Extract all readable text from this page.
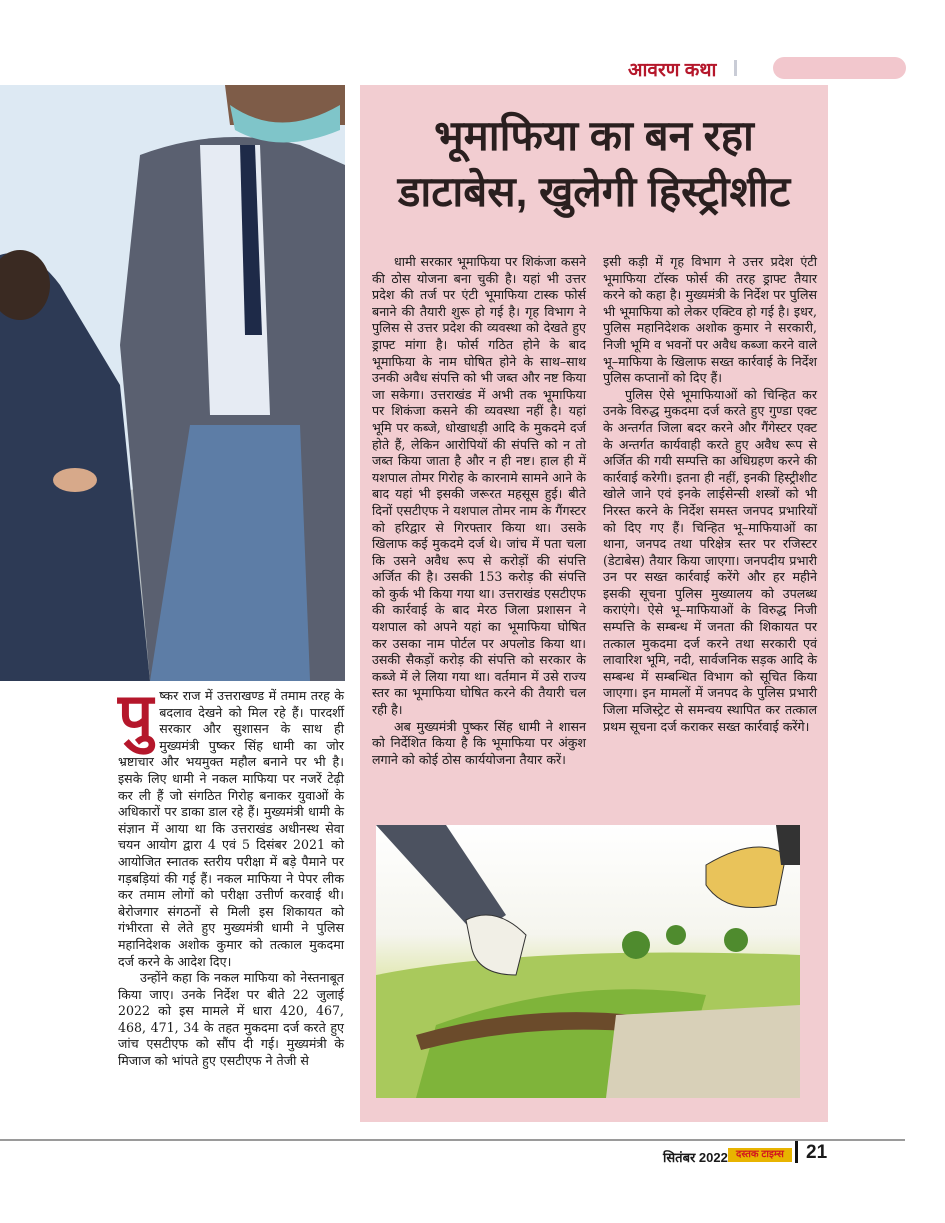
आवरण कथा
पु ष्कर राज में उत्तराखण्ड में तमाम तरह के बदलाव देखने को मिल रहे हैं। पारदर्शी सरकार और सुशासन के साथ ही मुख्यमंत्री पुष्कर सिंह धामी का जोर भ्रष्टाचार और भयमुक्त महौल बनाने पर भी है। इसके लिए धामी ने नकल माफिया पर नजरें टेढ़ी कर ली हैं जो संगठित गिरोह बनाकर युवाओं के अधिकारों पर डाका डाल रहे हैं। मुख्यमंत्री धामी के संज्ञान में आया था कि उत्तराखंड अधीनस्थ सेवा चयन आयोग द्वारा 4 एवं 5 दिसंबर 2021 को आयोजित स्नातक स्तरीय परीक्षा में बड़े पैमाने पर गड़बड़ियां की गई हैं। नकल माफिया ने पेपर लीक कर तमाम लोगों को परीक्षा उत्तीर्ण करवाई थी। बेरोजगार संगठनों से मिली इस शिकायत को गंभीरता से लेते हुए मुख्यमंत्री धामी ने पुलिस महानिदेशक अशोक कुमार को तत्काल मुकदमा दर्ज करने के आदेश दिए।

उन्होंने कहा कि नकल माफिया को नेस्तनाबूत किया जाए। उनके निर्देश पर बीते 22 जुलाई 2022 को इस मामले में धारा 420, 467, 468, 471, 34 के तहत मुकदमा दर्ज करते हुए जांच एसटीएफ को सौंप दी गई। मुख्यमंत्री के मिजाज को भांपते हुए एसटीएफ ने तेजी से

भूमाफिया का बन रहा
डाटाबेस, खुलेगी हिस्ट्रीशीट

धामी सरकार भूमाफिया पर शिकंजा कसने की ठोस योजना बना चुकी है। यहां भी उत्तर प्रदेश की तर्ज पर एंटी भूमाफिया टास्क फोर्स बनाने की तैयारी शुरू हो गई है। गृह विभाग ने पुलिस से उत्तर प्रदेश की व्यवस्था को देखते हुए ड्राफ्ट मांगा है। फोर्स गठित होने के बाद भूमाफिया के नाम घोषित होने के साथ–साथ उनकी अवैध संपत्ति को भी जब्त और नष्ट किया जा सकेगा। उत्तराखंड में अभी तक भूमाफिया पर शिकंजा कसने की व्यवस्था नहीं है। यहां भूमि पर कब्जे, धोखाधड़ी आदि के मुकदमे दर्ज होते हैं, लेकिन आरोपियों की संपत्ति को न तो जब्त किया जाता है और न ही नष्ट। हाल ही में यशपाल तोमर गिरोह के कारनामे सामने आने के बाद यहां भी इसकी जरूरत महसूस हुई। बीते दिनों एसटीएफ ने यशपाल तोमर नाम के गैंगस्टर को हरिद्वार से गिरफ्तार किया था। उसके खिलाफ कई मुकदमे दर्ज थे। जांच में पता चला कि उसने अवैध रूप से करोड़ों की संपत्ति अर्जित की है। उसकी 153 करोड़ की संपत्ति को कुर्क भी किया गया था। उत्तराखंड एसटीएफ की कार्रवाई के बाद मेरठ जिला प्रशासन ने यशपाल को अपने यहां का भूमाफिया घोषित कर उसका नाम पोर्टल पर अपलोड किया था। उसकी सैकड़ों करोड़ की संपत्ति को सरकार के कब्जे में ले लिया गया था। वर्तमान में उसे राज्य स्तर का भूमाफिया घोषित करने की तैयारी चल रही है।

अब मुख्यमंत्री पुष्कर सिंह धामी ने शासन को निर्देशित किया है कि भूमाफिया पर अंकुश लगाने को कोई ठोस कार्ययोजना तैयार करें।

इसी कड़ी में गृह विभाग ने उत्तर प्रदेश एंटी भूमाफिया टॉस्क फोर्स की तरह ड्राफ्ट तैयार करने को कहा है। मुख्यमंत्री के निर्देश पर पुलिस भी भूमाफिया को लेकर एक्टिव हो गई है। इधर, पुलिस महानिदेशक अशोक कुमार ने सरकारी, निजी भूमि व भवनों पर अवैध कब्जा करने वाले भू–माफिया के खिलाफ सख्त कार्रवाई के निर्देश पुलिस कप्तानों को दिए हैं।

पुलिस ऐसे भूमाफियाओं को चिन्हित कर उनके विरुद्ध मुकदमा दर्ज करते हुए गुण्डा एक्ट के अन्तर्गत जिला बदर करने और गैंगेस्टर एक्ट के अन्तर्गत कार्यवाही करते हुए अवैध रूप से अर्जित की गयी सम्पत्ति का अधिग्रहण करने की कार्रवाई करेगी। इतना ही नहीं, इनकी हिस्ट्रीशीट खोले जाने एवं इनके लाईसेन्सी शस्त्रों को भी निरस्त करने के निर्देश समस्त जनपद प्रभारियों को दिए गए हैं। चिन्हित भू–माफियाओं का थाना, जनपद तथा परिक्षेत्र स्तर पर रजिस्टर (डेटाबेस) तैयार किया जाएगा। जनपदीय प्रभारी उन पर सख्त कार्रवाई करेंगे और हर महीने इसकी सूचना पुलिस मुख्यालय को उपलब्ध कराएंगे। ऐसे भू–माफियाओं के विरुद्ध निजी सम्पत्ति के सम्बन्ध में जनता की शिकायत पर तत्काल मुकदमा दर्ज करने तथा सरकारी एवं लावारिश भूमि, नदी, सार्वजनिक सड़क आदि के सम्बन्ध में सम्बन्धित विभाग को सूचित किया जाएगा। इन मामलों में जनपद के पुलिस प्रभारी जिला मजिस्ट्रेट से समन्वय स्थापित कर तत्काल प्रथम सूचना दर्ज कराकर सख्त कार्रवाई करेंगे।

सितंबर 2022 दस्तक टाइम्स	21
